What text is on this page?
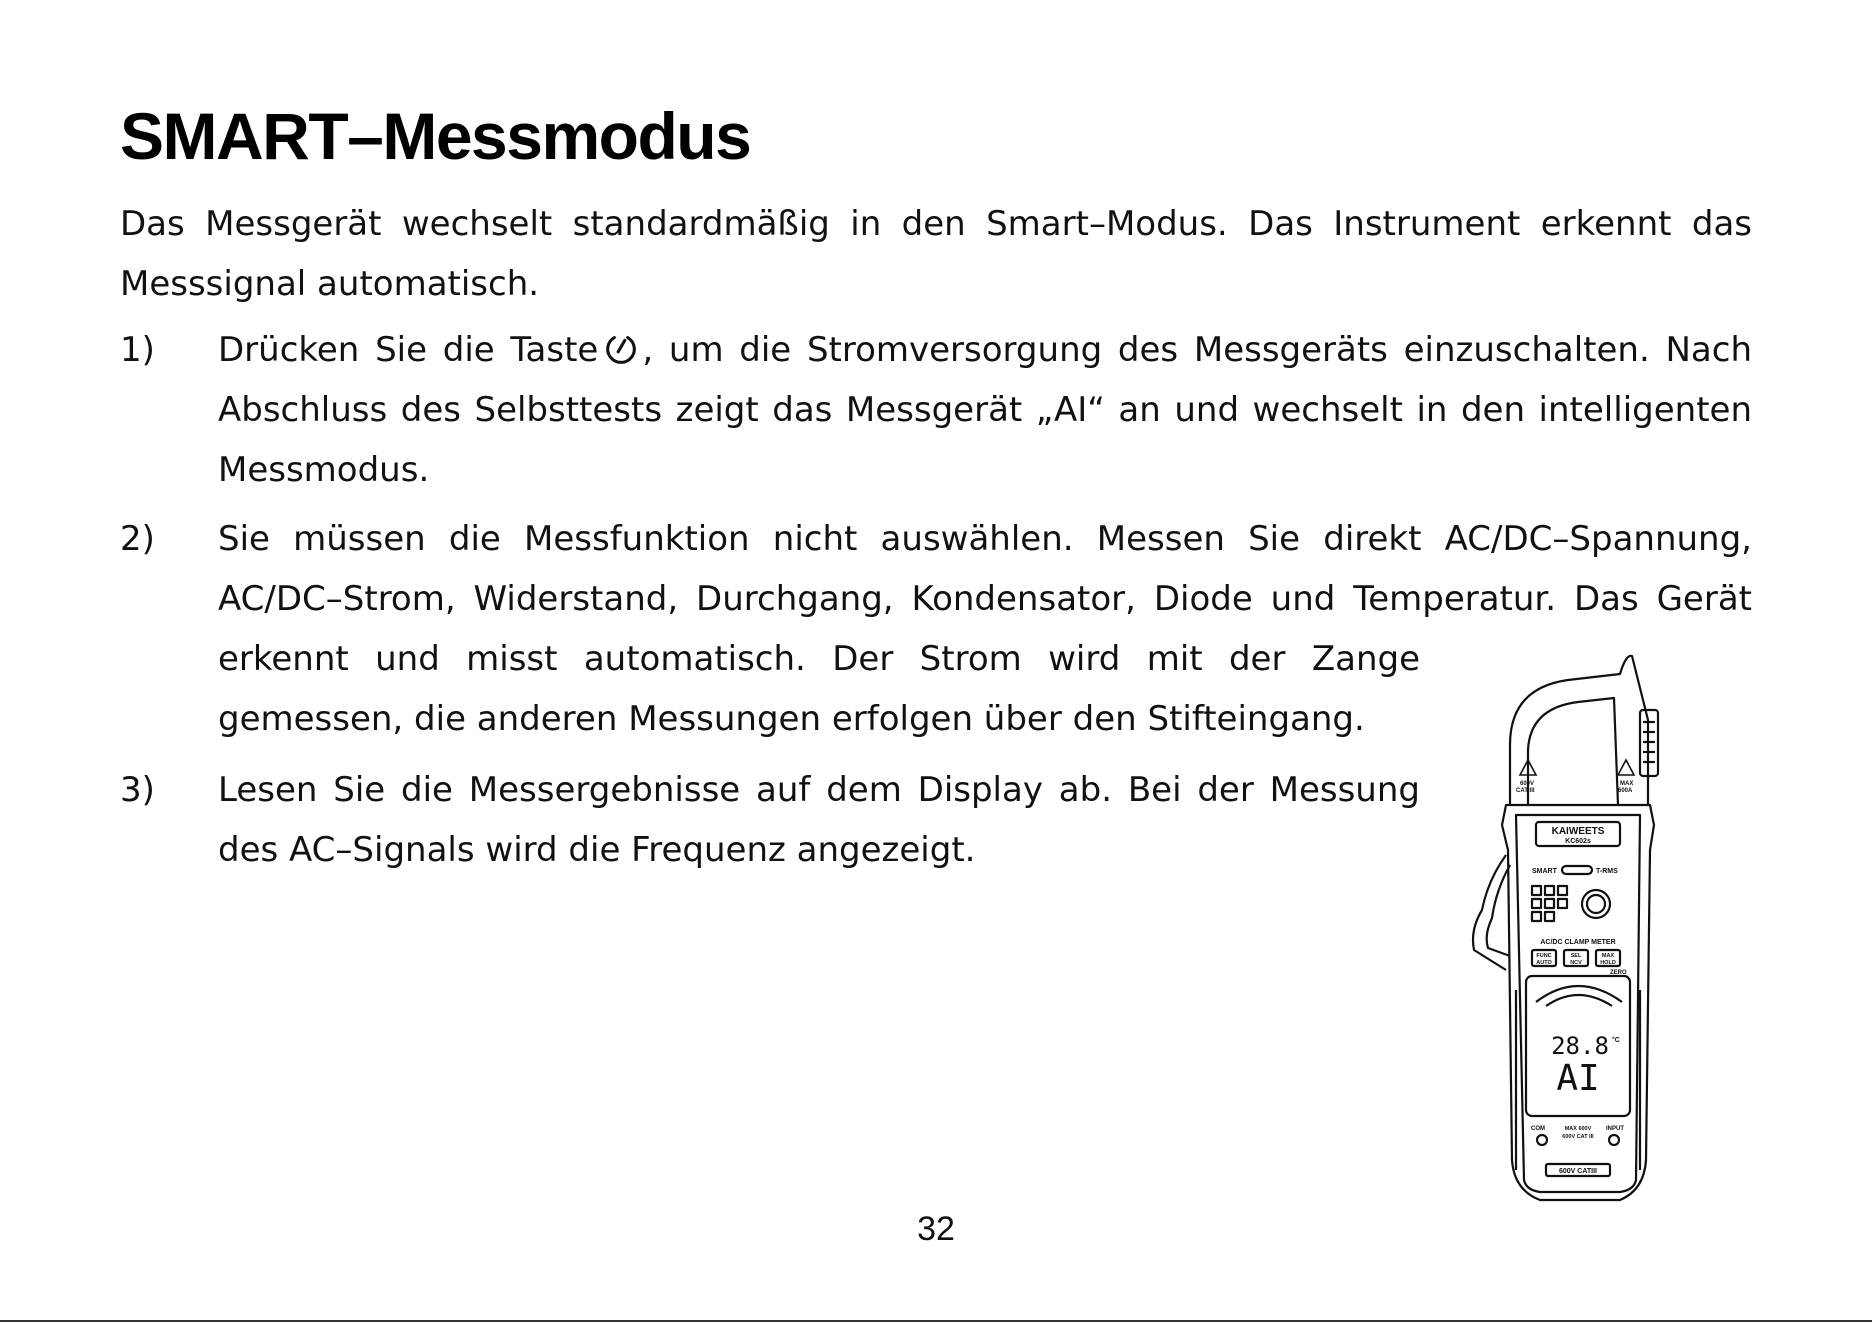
SMART–Messmodus
Das Messgerät wechselt standardmäßig in den Smart–Modus. Das Instrument erkennt das
Messsignal automatisch.
1) Drücken Sie die Taste , um die Stromversorgung des Messgeräts einzuschalten. Nach
Abschluss des Selbsttests zeigt das Messgerät „AI“ an und wechselt in den intelligenten
Messmodus.
2) Sie müssen die Messfunktion nicht auswählen. Messen Sie direkt AC/DC–Spannung,
AC/DC–Strom, Widerstand, Durchgang, Kondensator, Diode und Temperatur. Das Gerät
erkennt und misst automatisch. Der Strom wird mit der Zange
gemessen, die anderen Messungen erfolgen über den Stifteingang.
3) Lesen Sie die Messergebnisse auf dem Display ab. Bei der Messung
des AC–Signals wird die Frequenz angezeigt.	KAIWEETS
KC602s
SMART	T-RMS
AC/DC CLAMP METER
FUNC
AUTO
SEL
NCV
MAX
HOLD
ZERO
600V
CAT III
MAX
600A
28.8 °C
AI
COM	INPUT
MAX 600V
600V CAT III
600V CATIII
32
